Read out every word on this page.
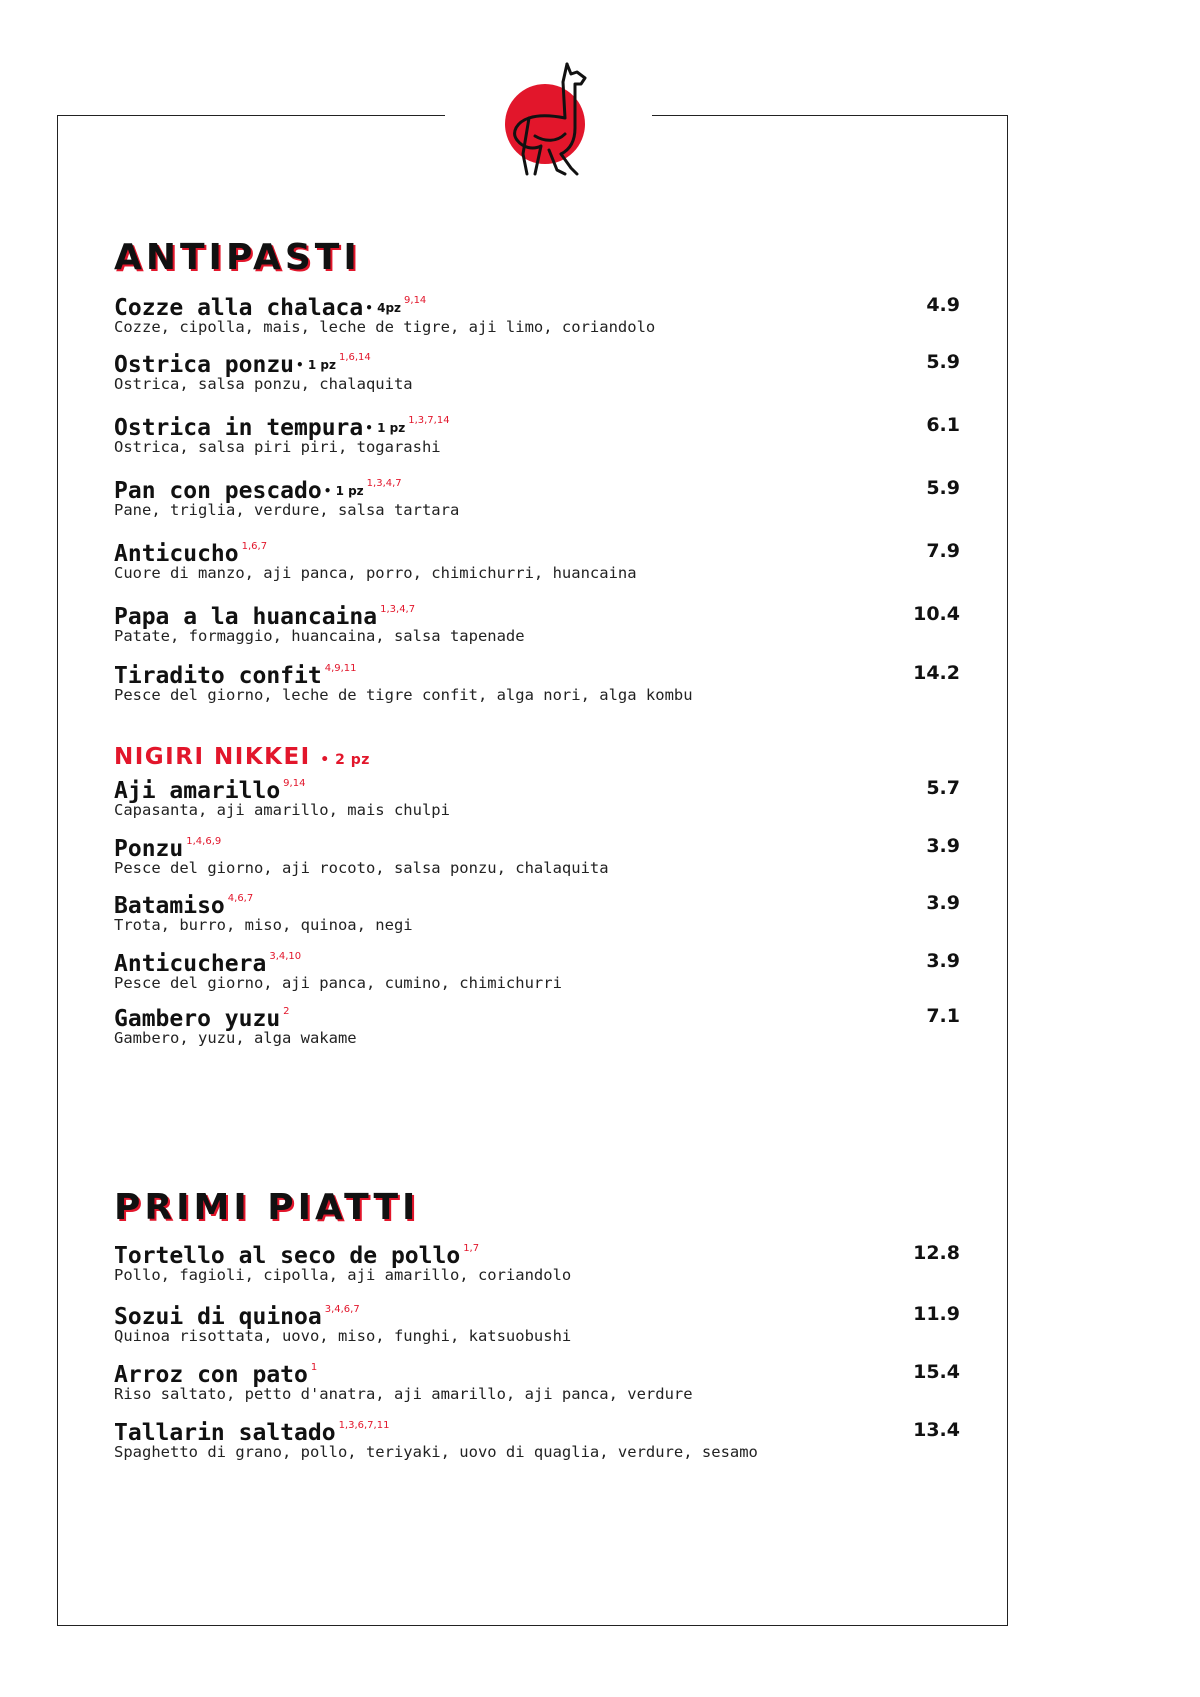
ANTIPASTI
Cozze alla chalaca • 4pz$^{9,14}$
Cozze, cipolla, mais, leche de tigre, aji limo, coriandolo
4.9
Ostrica ponzu • 1 pz$^{1,6,14}$
Ostrica, salsa ponzu, chalaquita
5.9
Ostrica in tempura • 1 pz$^{1,3,7,14}$
Ostrica, salsa piri piri, togarashi
6.1
Pan con pescado • 1 pz$^{1,3,4,7}$
Pane, triglia, verdure, salsa tartara
5.9
Anticucho $^{1,6,7}$
Cuore di manzo, aji panca, porro, chimichurri, huancaina
7.9
Papa a la huancaina $^{1,3,4,7}$
Patate, formaggio, huancaina, salsa tapenade
10.4
Tiradito confit $^{4,9,11}$
Pesce del giorno, leche de tigre confit, alga nori, alga kombu
14.2
NIGIRI NIKKEI • 2 pz
Aji amarillo $^{9,14}$
Capasanta, aji amarillo, mais chulpi
5.7
Ponzu $^{1,4,6,9}$
Pesce del giorno, aji rocoto, salsa ponzu, chalaquita
3.9
Batamiso $^{4,6,7}$
Trota, burro, miso, quinoa, negi
3.9
Anticuchera $^{3,4,10}$
Pesce del giorno, aji panca, cumino, chimichurri
3.9
Gambero yuzu $^2$
Gambero, yuzu, alga wakame
7.1
PRIMI PIATTI
Tortello al seco de pollo $^{1,7}$
Pollo, fagioli, cipolla, aji amarillo, coriandolo
12.8
Sozui di quinoa $^{3,4,6,7}$
Quinoa risottata, uovo, miso, funghi, katsuobushi
11.9
Arroz con pato $^1$
Riso saltato, petto d'anatra, aji amarillo, aji panca, verdure
15.4
Tallarin saltado $^{1,3,6,7,11}$
Spaghetto di grano, pollo, teriyaki, uovo di quaglia, verdure, sesamo
13.4
